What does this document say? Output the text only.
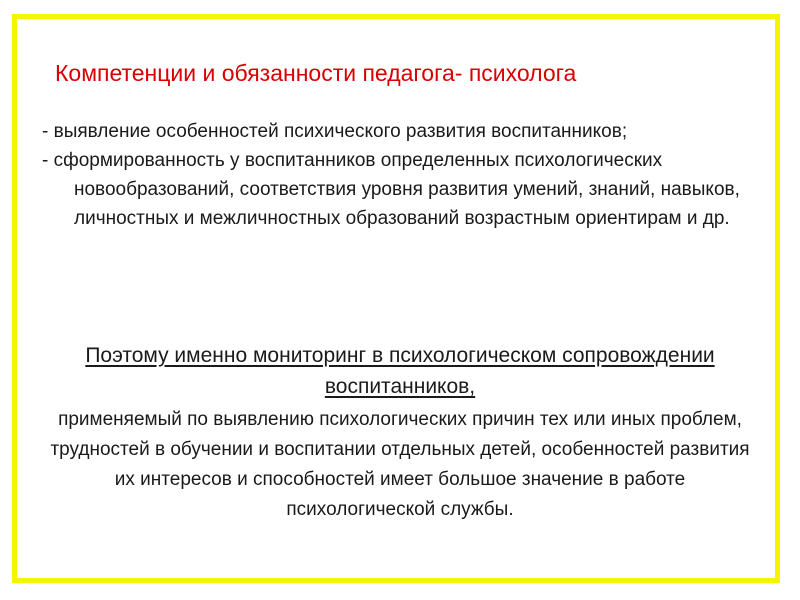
Компетенции и обязанности педагога- психолога

- выявление особенностей психического развития воспитанников;

- сформированность у воспитанников определенных психологических новообразований, соответствия уровня развития умений, знаний, навыков, личностных и межличностных образований возрастным ориентирам и др.

Поэтому именно мониторинг в психологическом сопровождении воспитанников,

применяемый по выявлению психологических причин тех или иных проблем, трудностей в обучении и воспитании отдельных детей, особенностей развития их интересов и способностей имеет большое значение в работе психологической службы.
